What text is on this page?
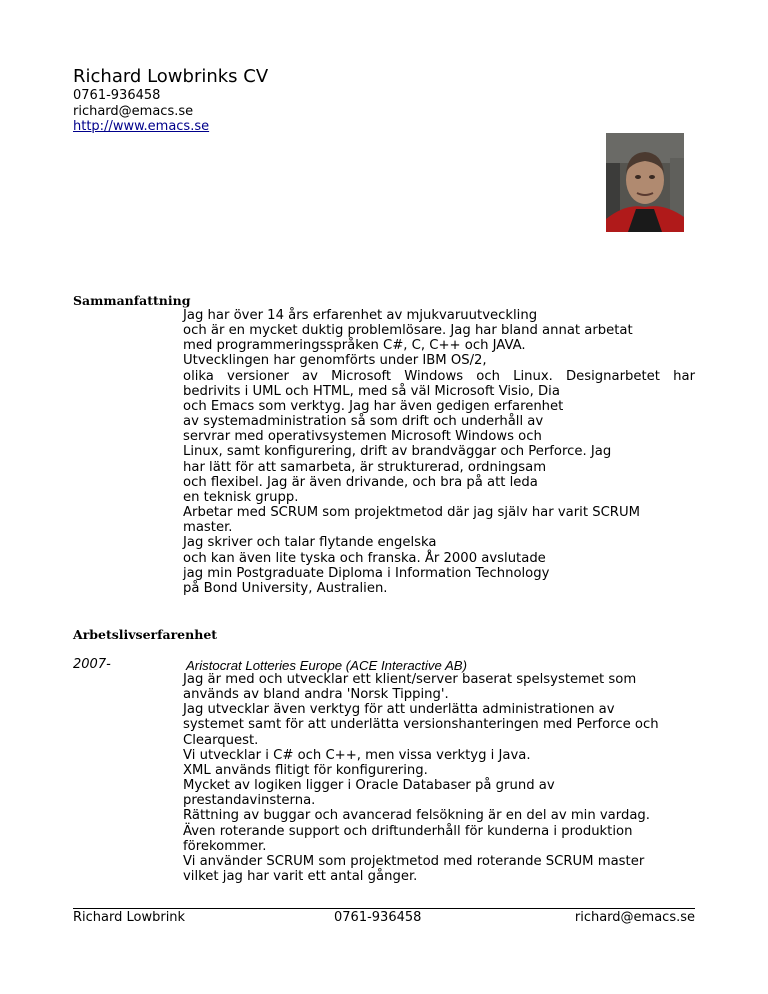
Richard Lowbrinks CV
0761-936458
richard@emacs.se
http://www.emacs.se
Sammanfattning
Jag har över 14 års erfarenhet av mjukvaruutveckling
och är en mycket duktig problemlösare. Jag har bland annat arbetat
med programmeringsspråken C#, C, C++ och JAVA.
Utvecklingen har genomförts under IBM OS/2,
olika versioner av Microsoft Windows och Linux. Designarbetet har
bedrivits i UML och HTML, med så väl Microsoft Visio, Dia
och Emacs som verktyg. Jag har även gedigen erfarenhet
av systemadministration så som drift och underhåll av
servrar med operativsystemen Microsoft Windows och
Linux, samt konfigurering, drift av brandväggar och Perforce. Jag
har lätt för att samarbeta, är strukturerad, ordningsam
och flexibel. Jag är även drivande, och bra på att leda
en teknisk grupp.
Arbetar med SCRUM som projektmetod där jag själv har varit SCRUM
master.
Jag skriver och talar flytande engelska
och kan även lite tyska och franska. År 2000 avslutade
jag min Postgraduate Diploma i Information Technology
på Bond University, Australien.
Arbetslivserfarenhet
2007-	Aristocrat Lotteries Europe (ACE Interactive AB)
Jag är med och utvecklar ett klient/server baserat spelsystemet som
används av bland andra 'Norsk Tipping'.
Jag utvecklar även verktyg för att underlätta administrationen av
systemet samt för att underlätta versionshanteringen med Perforce och
Clearquest.
Vi utvecklar i C# och C++, men vissa verktyg i Java.
XML används flitigt för konfigurering.
Mycket av logiken ligger i Oracle Databaser på grund av
prestandavinsterna.
Rättning av buggar och avancerad felsökning är en del av min vardag.
Även roterande support och driftunderhåll för kunderna i produktion
förekommer.
Vi använder SCRUM som projektmetod med roterande SCRUM master
vilket jag har varit ett antal gånger.
Richard Lowbrink	0761-936458	richard@emacs.se
